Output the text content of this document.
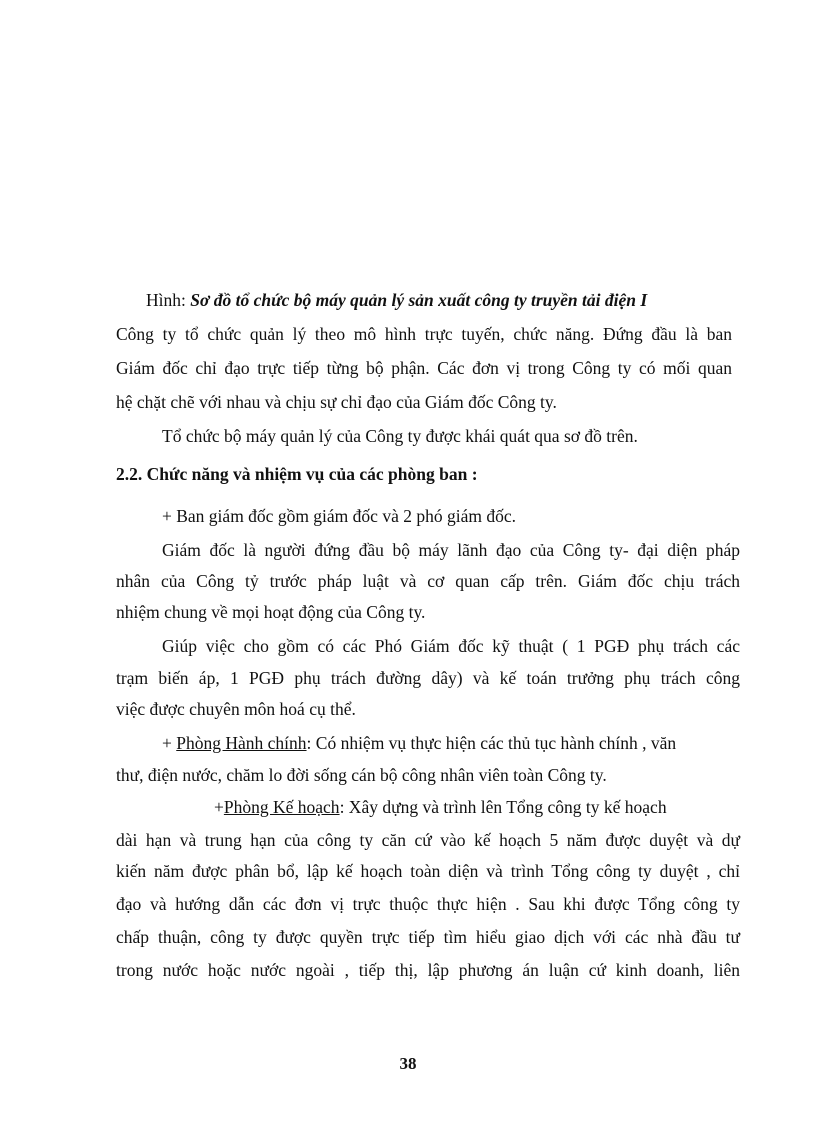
Hình: Sơ đồ tổ chức bộ máy quản lý sản xuất công ty truyền tải điện I
Công ty tổ chức quản lý theo mô hình trực tuyến, chức năng. Đứng đầu là ban
Giám đốc chỉ đạo trực tiếp từng bộ phận. Các đơn vị trong Công ty có mối quan
hệ chặt chẽ với nhau và chịu sự chỉ đạo của Giám đốc Công ty.
Tổ chức bộ máy quản lý của Công ty được khái quát qua sơ đồ trên.
2.2. Chức năng và nhiệm vụ của các phòng ban :
+ Ban giám đốc gồm giám đốc và 2 phó giám đốc.
Giám đốc là người đứng đầu bộ máy lãnh đạo của Công ty- đại diện pháp
nhân của Công tỷ trước pháp luật và cơ quan cấp trên. Giám đốc chịu trách
nhiệm chung về mọi hoạt động của Công ty.
Giúp việc cho gồm có các Phó Giám đốc kỹ thuật ( 1 PGĐ phụ trách các
trạm biến áp, 1 PGĐ phụ trách đường dây) và kế toán trưởng phụ trách công
việc được chuyên môn hoá cụ thể.
+ Phòng Hành chính: Có nhiệm vụ thực hiện các thủ tục hành chính , văn
thư, điện nước, chăm lo đời sống cán bộ công nhân viên toàn Công ty.
+Phòng Kế hoạch: Xây dựng và trình lên Tổng công ty kế hoạch
dài hạn và trung hạn của công ty căn cứ vào kế hoạch 5 năm được duyệt và dự
kiến năm được phân bổ, lập kế hoạch toàn diện và trình Tổng công ty duyệt , chỉ
đạo và hướng dẫn các đơn vị trực thuộc thực hiện . Sau khi được Tổng công ty
chấp thuận, công ty được quyền trực tiếp tìm hiểu giao dịch với các nhà đầu tư
trong nước hoặc nước ngoài , tiếp thị, lập phương án luận cứ kinh doanh, liên
38
